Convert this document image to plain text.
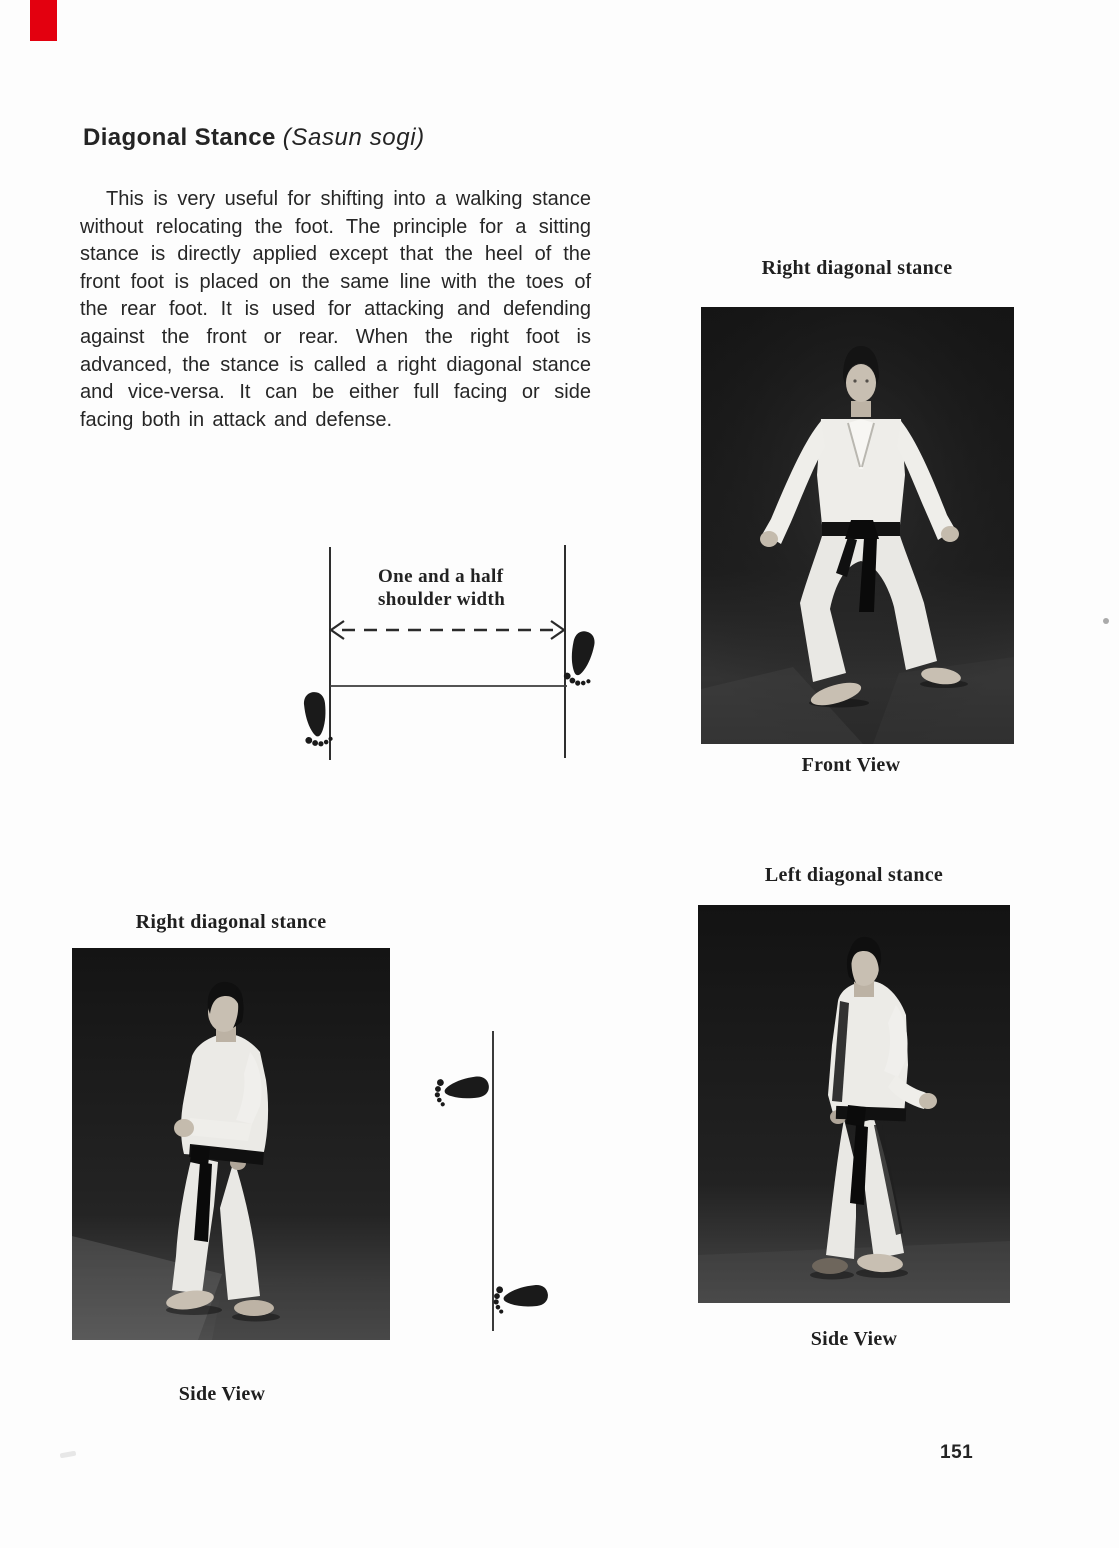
Diagonal Stance (Sasun sogi)
This is very useful for shifting into a walking stance without relocating the foot. The principle for a sitting stance is directly applied except that the heel of the front foot is placed on the same line with the toes of the rear foot. It is used for attacking and defending against the front or rear. When the right foot is advanced, the stance is called a right diagonal stance and vice-versa. It can be either full facing or side facing both in attack and defense.
One and a half
shoulder width
Right diagonal stance
Front View
Right diagonal stance
Side View
Left diagonal stance
Side View
151
